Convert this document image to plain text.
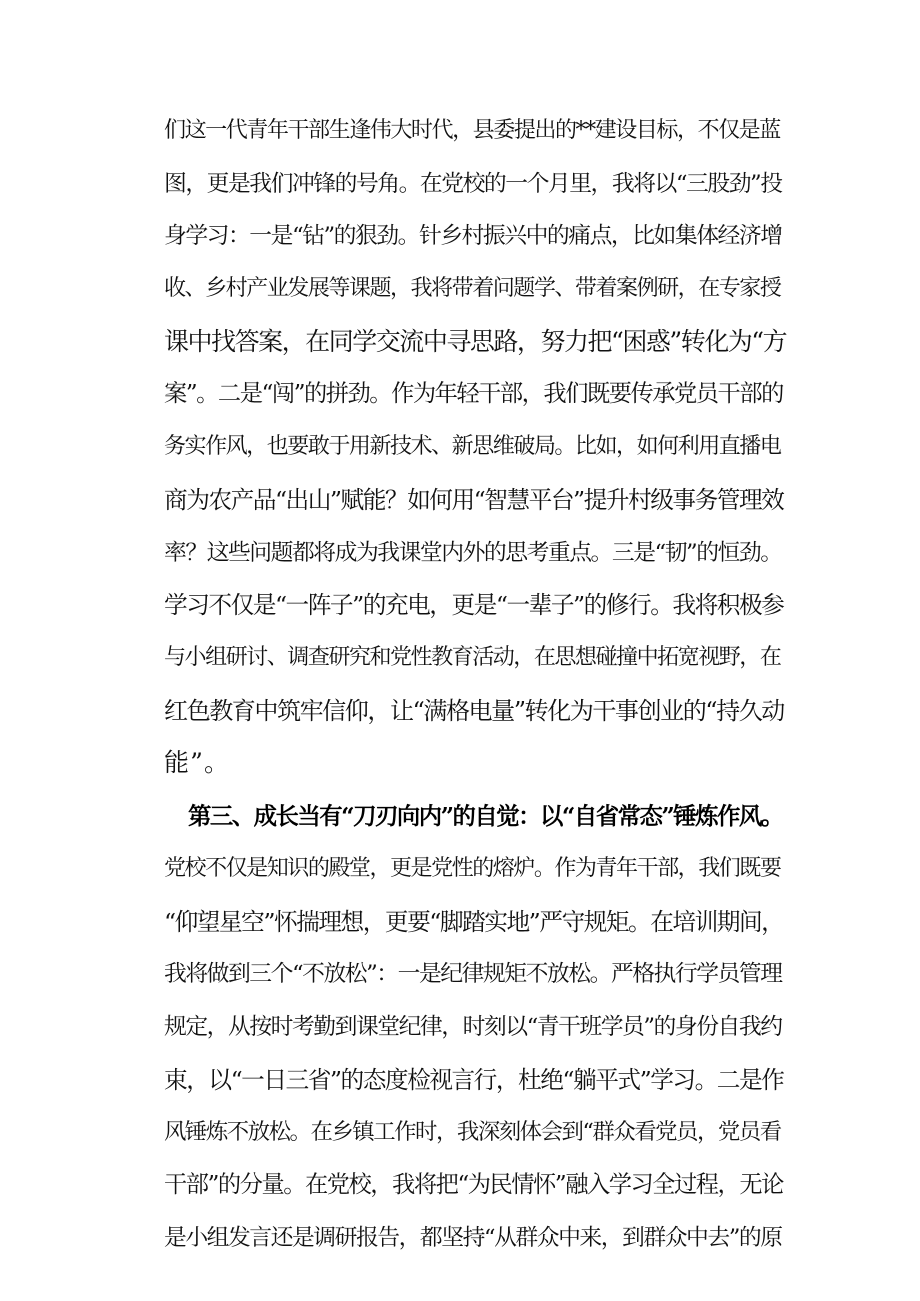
们这一代青年干部生逢伟大时代，县委提出的**建设目标，不仅是蓝
图，更是我们冲锋的号角。在党校的一个月里，我将以“三股劲”投
身学习：一是“钻”的狠劲。针乡村振兴中的痛点，比如集体经济增
收、乡村产业发展等课题，我将带着问题学、带着案例研，在专家授
课中找答案，在同学交流中寻思路，努力把“困惑”转化为“方
案”。二是“闯”的拼劲。作为年轻干部，我们既要传承党员干部的
务实作风，也要敢于用新技术、新思维破局。比如，如何利用直播电
商为农产品“出山”赋能？如何用“智慧平台”提升村级事务管理效
率？这些问题都将成为我课堂内外的思考重点。三是“韧”的恒劲。
学习不仅是“一阵子”的充电，更是“一辈子”的修行。我将积极参
与小组研讨、调查研究和党性教育活动，在思想碰撞中拓宽视野，在
红色教育中筑牢信仰，让“满格电量”转化为干事创业的“持久动
能”。
第三、成长当有“刀刃向内”的自觉：以“自省常态”锤炼作风。
党校不仅是知识的殿堂，更是党性的熔炉。作为青年干部，我们既要
“仰望星空”怀揣理想，更要“脚踏实地”严守规矩。在培训期间，
我将做到三个“不放松”：一是纪律规矩不放松。严格执行学员管理
规定，从按时考勤到课堂纪律，时刻以“青干班学员”的身份自我约
束，以“一日三省”的态度检视言行，杜绝“躺平式”学习。二是作
风锤炼不放松。在乡镇工作时，我深刻体会到“群众看党员，党员看
干部”的分量。在党校，我将把“为民情怀”融入学习全过程，无论
是小组发言还是调研报告，都坚持“从群众中来，到群众中去”的原
